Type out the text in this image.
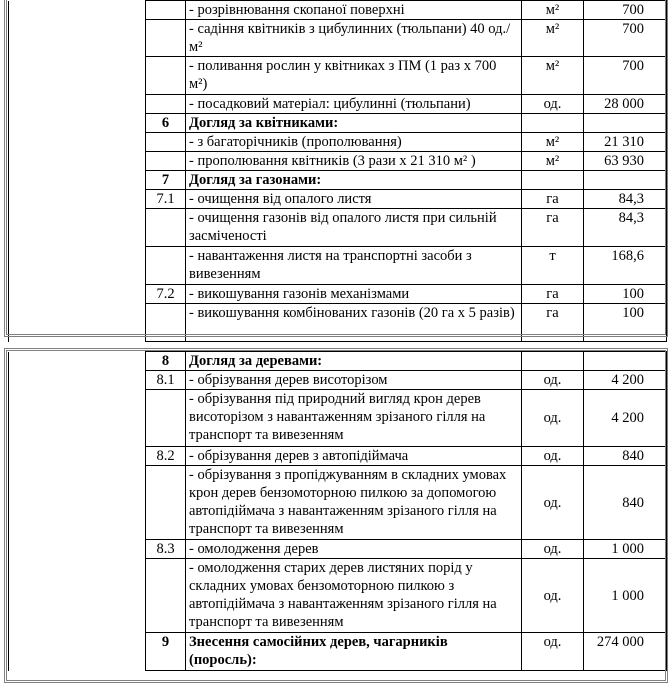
		- розрівнювання скопаної поверхні	м²	700
		- садіння квітників з цибулинних (тюльпани) 40 од./м²	м²	700
		- поливання рослин у квітниках з ПМ (1 раз х 700 м²)	м²	700
		- посадковий матеріал: цибулинні (тюльпани)	од.	28 000
	6	Догляд за квітниками:		
		- з багаторічників (прополювання)	м²	21 310
		- прополювання квітників (3 рази х 21 310 м² )	м²	63 930
	7	Догляд за газонами:		
	7.1	- очищення від опалого листя	га	84,3
		- очищення газонів від опалого листя при сильній засміченості	га	84,3
		- навантаження листя на транспортні засоби з вивезенням	т	168,6
	7.2	- викошування газонів механізмами	га	100
		- викошування комбінованих газонів (20 га х 5 разів)	га	100
	8	Догляд за деревами:		
	8.1	- обрізування дерев висоторізом	од.	4 200
		- обрізування під природний вигляд крон дерев висоторізом з навантаженням зрізаного гілля на транспорт та вивезенням	од.	4 200
	8.2	- обрізування дерев з автопідіймача	од.	840
		- обрізування з пропіджуванням в складних умовах крон дерев бензомоторною пилкою за допомогою автопідіймача з навантаженням зрізаного гілля на транспорт та вивезенням	од.	840
	8.3	- омолодження дерев	од.	1 000
		- омолодження старих дерев листяних порід у складних умовах бензомоторною пилкою з автопідіймача з навантаженням зрізаного гілля на транспорт та вивезенням	од.	1 000
	9	Знесення самосійних дерев, чагарників (поросль):	од.	274 000
